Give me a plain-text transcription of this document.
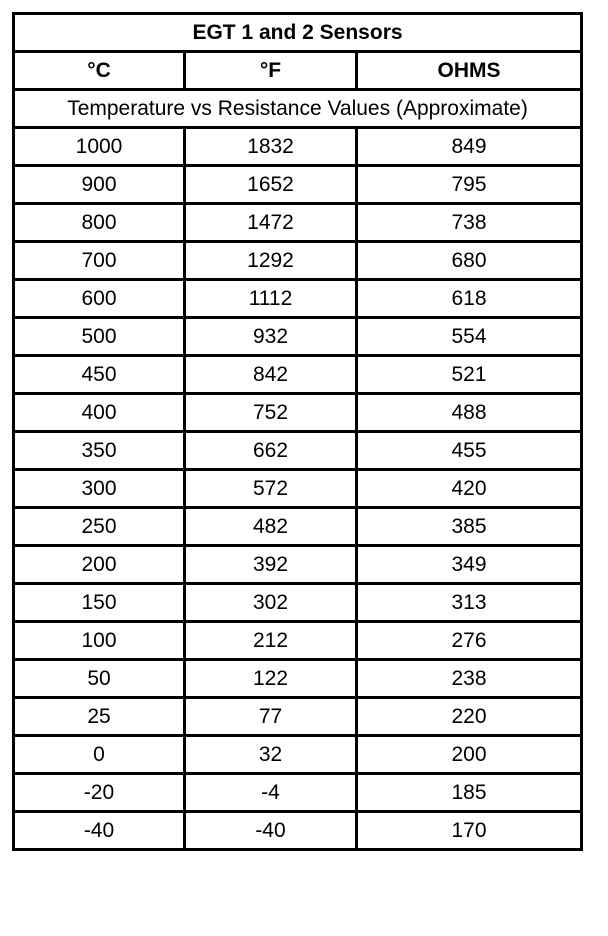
EGT 1 and 2 Sensors		
°C	°F	OHMS
Temperature vs Resistance Values (Approximate)		
1000	1832	849
900	1652	795
800	1472	738
700	1292	680
600	1112	618
500	932	554
450	842	521
400	752	488
350	662	455
300	572	420
250	482	385
200	392	349
150	302	313
100	212	276
50	122	238
25	77	220
0	32	200
-20	-4	185
-40	-40	170
